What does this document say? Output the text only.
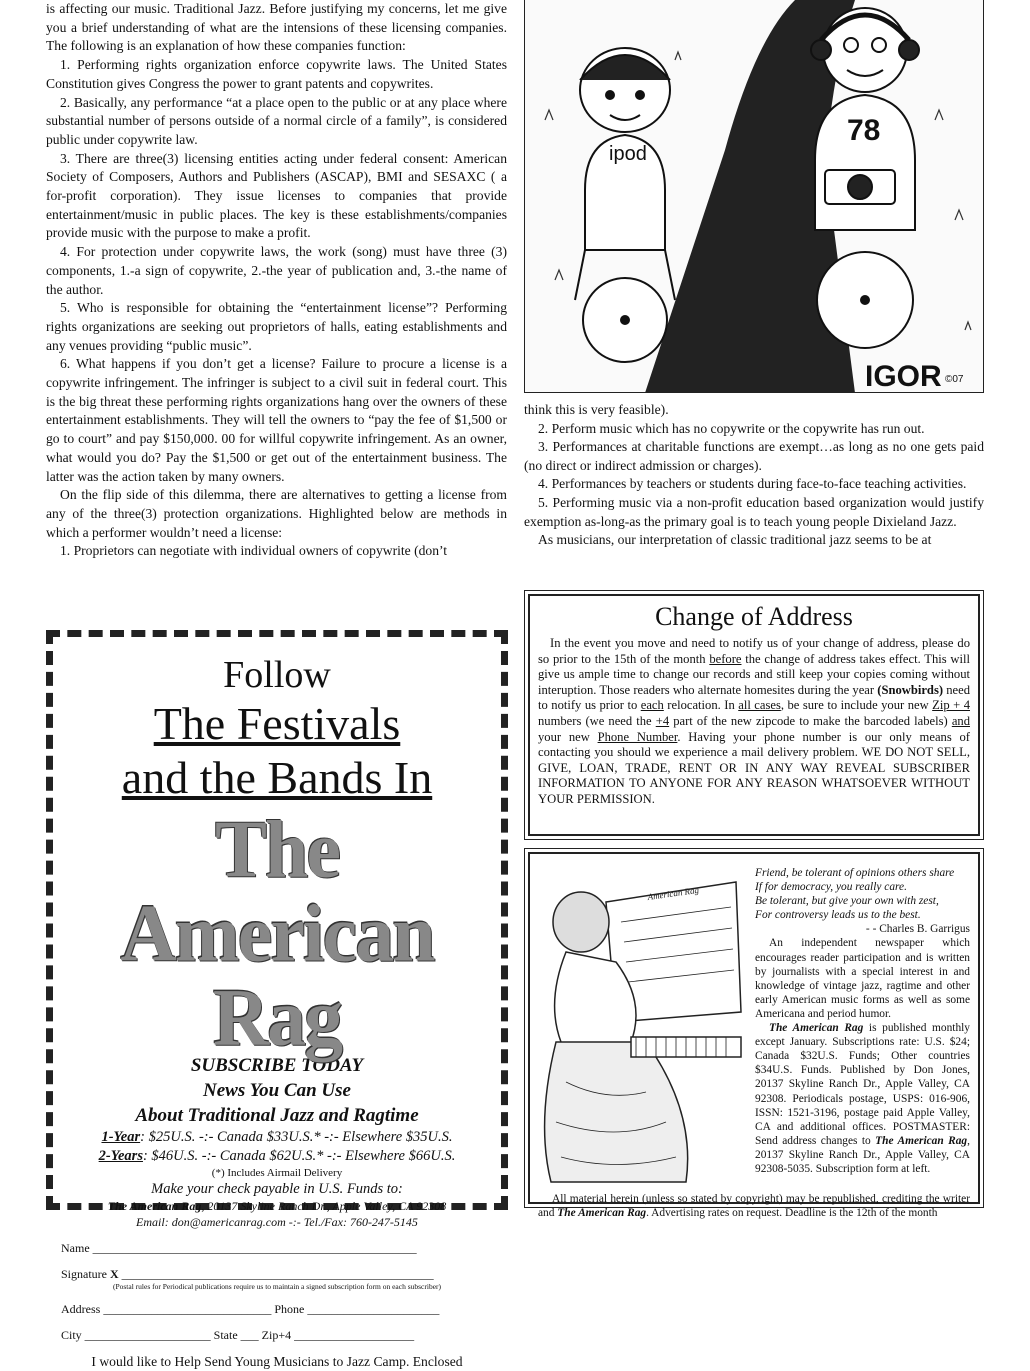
is affecting our music. Traditional Jazz. Before justifying my concerns, let me give you a brief understanding of what are the intensions of these licensing companies. The following is an explanation of how these companies function:

1. Performing rights organization enforce copywrite laws. The United States Constitution gives Congress the power to grant patents and copywrites.

2. Basically, any performance “at a place open to the public or at any place where substantial number of persons outside of a normal circle of a family”, is considered public under copywrite law.

3. There are three(3) licensing entities acting under federal consent: American Society of Composers, Authors and Publishers (ASCAP), BMI and SESAXC ( a for-profit corporation). They issue licenses to companies that provide entertainment/music in public places. The key is these establishments/companies provide music with the purpose to make a profit.

4. For protection under copywrite laws, the work (song) must have three (3) components, 1.-a sign of copywrite, 2.-the year of publication and, 3.-the name of the author.

5. Who is responsible for obtaining the “entertainment license”? Performing rights organizations are seeking out proprietors of halls, eating establishments and any venues providing “public music”.

6. What happens if you don’t get a license? Failure to procure a license is a copywrite infringement. The infringer is subject to a civil suit in federal court. This is the big threat these performing rights organizations hang over the owners of these entertainment establishments. They will tell the owners to “pay the fee of $1,500 or go to court” and pay $150,000. 00 for willful copywrite infringement. As an owner, what would you do? Pay the $1,500 or get out of the entertainment business. The latter was the action taken by many owners.

On the flip side of this dilemma, there are alternatives to getting a license from any of the three(3) protection organizations. Highlighted below are methods in which a performer wouldn’t need a license:

1. Proprietors can negotiate with individual owners of copywrite (don’t

ipod
78
IGOR ©07

think this is very feasible).

2. Perform music which has no copywrite or the copywrite has run out.

3. Performances at charitable functions are exempt…as long as no one gets paid (no direct or indirect admission or charges).

4. Performances by teachers or students during face-to-face teaching activities.

5. Performing music via a non-profit education based organization would justify exemption as-long-as the primary goal is to teach young people Dixieland Jazz.

As musicians, our interpretation of classic traditional jazz seems to be at

Follow
The Festivals
and the Bands In
The American Rag
SUBSCRIBE TODAY
News You Can Use
About Traditional Jazz and Ragtime
1-Year: $25U.S. -:- Canada $33U.S.* -:- Elsewhere $35U.S.
2-Years: $46U.S. -:- Canada $62U.S.* -:- Elsewhere $66U.S.
(*) Includes Airmail Delivery
Make your check payable in U.S. Funds to:
The American Rag, 20137 Skyline Ranch Dr., Apple Valley, CA 92308
Email: don@americanrag.com -:- Tel./Fax: 760-247-5145
Name ______________________________________________________
Signature X ____________________________________________________
(Postal rules for Periodical publications require us to maintain a signed subscription form on each subscriber)
Address ____________________________ Phone ______________________
City _____________________ State ___ Zip+4 ____________________
I would like to Help Send Young Musicians to Jazz Camp. Enclosed
Change of Address

In the event you move and need to notify us of your change of address, please do so prior to the 15th of the month before the change of address takes effect. This will give us ample time to change our records and still keep your copies coming without interuption. Those readers who alternate homesites during the year (Snowbirds) need to notify us prior to each relocation. In all cases, be sure to include your new Zip + 4 numbers (we need the +4 part of the new zipcode to make the barcoded labels) and your new Phone Number. Having your phone number is our only means of contacting you should we experience a mail delivery problem. WE DO NOT SELL, GIVE, LOAN, TRADE, RENT OR IN ANY WAY REVEAL SUBSCRIBER INFORMATION TO ANYONE FOR ANY REASON WHATSOEVER WITHOUT YOUR PERMISSION.

American Rag

Friend, be tolerant of opinions others share

If for democracy, you really care.

Be tolerant, but give your own with zest,

For controversy leads us to the best.

- - Charles B. Garrigus

An independent newspaper which encourages reader participation and is written by journalists with a special interest in and knowledge of vintage jazz, ragtime and other early American music forms as well as some Americana and period humor.

The American Rag is published monthly except January. Subscriptions rate: U.S. $24; Canada $32U.S. Funds; Other countries $34U.S. Funds. Published by Don Jones, 20137 Skyline Ranch Dr., Apple Valley, CA 92308. Periodicals postage, USPS: 016-906, ISSN: 1521-3196, postage paid Apple Valley, CA and additional offices. POSTMASTER: Send address changes to The American Rag, 20137 Skyline Ranch Dr., Apple Valley, CA 92308-5035. Subscription form at left.

All material herein (unless so stated by copyright) may be republished, crediting the writer and The American Rag. Advertising rates on request. Deadline is the 12th of the month
